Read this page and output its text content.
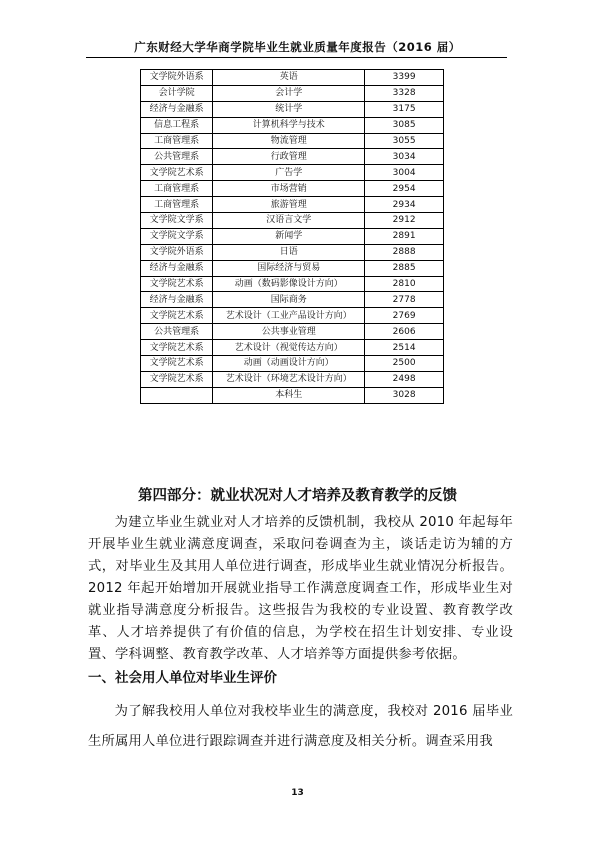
广东财经大学华商学院毕业生就业质量年度报告（2016 届）
文学院外语系	英语	3399
会计学院	会计学	3328
经济与金融系	统计学	3175
信息工程系	计算机科学与技术	3085
工商管理系	物流管理	3055
公共管理系	行政管理	3034
文学院艺术系	广告学	3004
工商管理系	市场营销	2954
工商管理系	旅游管理	2934
文学院文学系	汉语言文学	2912
文学院文学系	新闻学	2891
文学院外语系	日语	2888
经济与金融系	国际经济与贸易	2885
文学院艺术系	动画（数码影像设计方向）	2810
经济与金融系	国际商务	2778
文学院艺术系	艺术设计（工业产品设计方向）	2769
公共管理系	公共事业管理	2606
文学院艺术系	艺术设计（视觉传达方向）	2514
文学院艺术系	动画（动画设计方向）	2500
文学院艺术系	艺术设计（环境艺术设计方向）	2498
	本科生	3028
第四部分：就业状况对人才培养及教育教学的反馈
为建立毕业生就业对人才培养的反馈机制，我校从 2010 年起每年开展毕业生就业满意度调查，采取问卷调查为主，谈话走访为辅的方式，对毕业生及其用人单位进行调查，形成毕业生就业情况分析报告。2012 年起开始增加开展就业指导工作满意度调查工作，形成毕业生对就业指导满意度分析报告。这些报告为我校的专业设置、教育教学改革、人才培养提供了有价值的信息，为学校在招生计划安排、专业设置、学科调整、教育教学改革、人才培养等方面提供参考依据。
一、社会用人单位对毕业生评价
为了解我校用人单位对我校毕业生的满意度，我校对 2016 届毕业生所属用人单位进行跟踪调查并进行满意度及相关分析。调查采用我
13
